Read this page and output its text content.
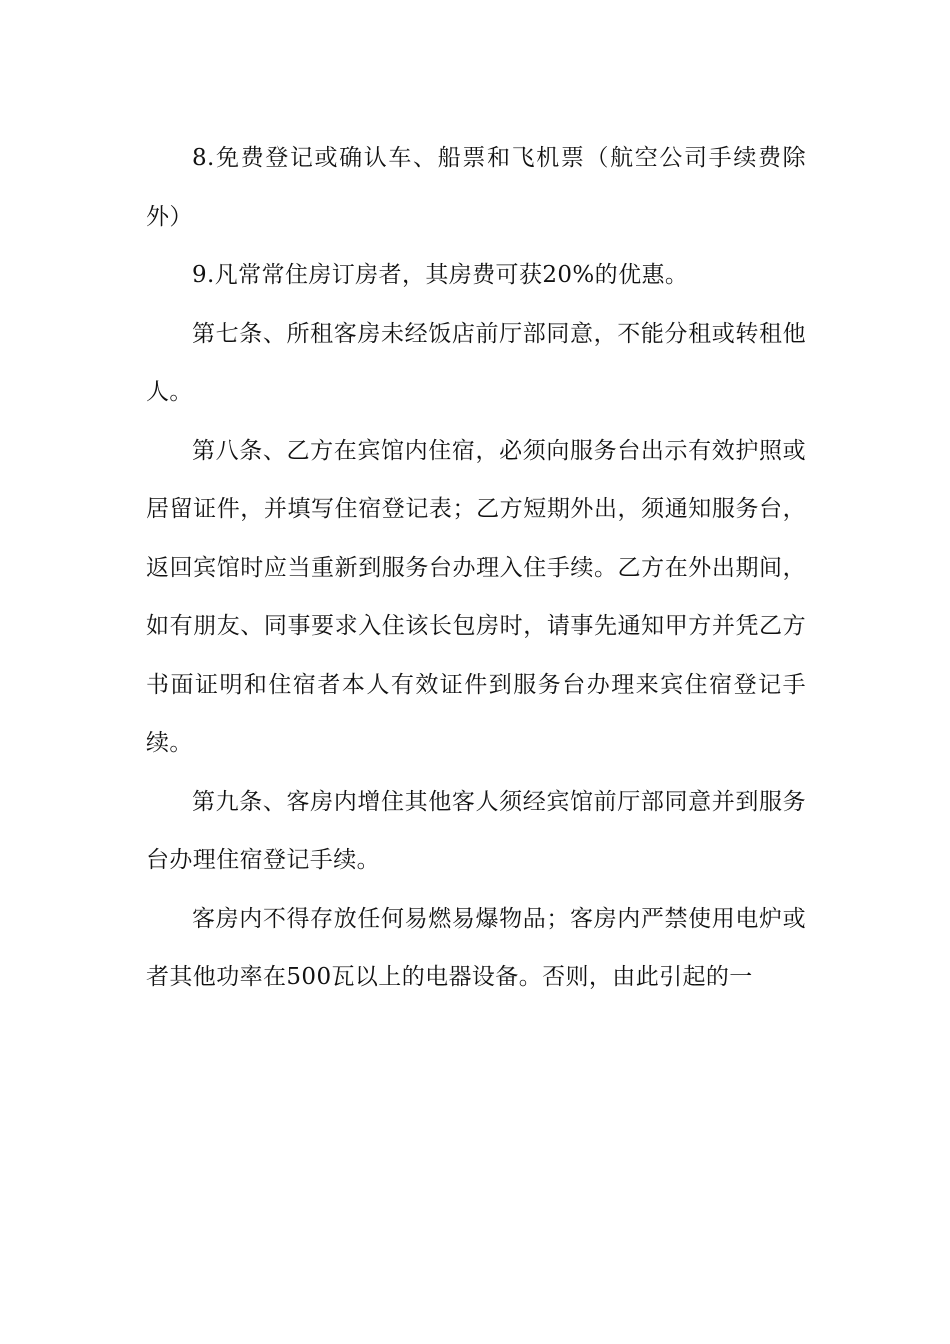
8.免费登记或确认车、船票和飞机票（航空公司手续费除外）

9.凡常常住房订房者，其房费可获20%的优惠。

第七条、所租客房未经饭店前厅部同意，不能分租或转租他人。

第八条、乙方在宾馆内住宿，必须向服务台出示有效护照或居留证件，并填写住宿登记表；乙方短期外出，须通知服务台，返回宾馆时应当重新到服务台办理入住手续。乙方在外出期间，如有朋友、同事要求入住该长包房时，请事先通知甲方并凭乙方书面证明和住宿者本人有效证件到服务台办理来宾住宿登记手续。

第九条、客房内增住其他客人须经宾馆前厅部同意并到服务台办理住宿登记手续。

客房内不得存放任何易燃易爆物品；客房内严禁使用电炉或者其他功率在500瓦以上的电器设备。否则，由此引起的一
